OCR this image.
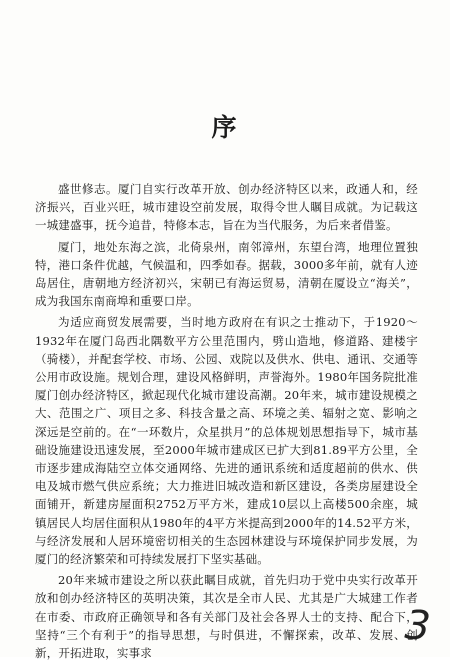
序

盛世修志。厦门自实行改革开放、创办经济特区以来，政通人和，经济振兴，百业兴旺，城市建设空前发展，取得令世人瞩目成就。为记载这一城建盛事，抚今追昔，特修本志，旨在为当代服务，为后来者借鉴。

厦门，地处东海之滨，北倚泉州，南邻漳州，东望台湾，地理位置独特，港口条件优越，气候温和，四季如春。据载，3000多年前，就有人迹岛居住，唐朝地方经济初兴，宋朝已有海运贸易，清朝在厦设立“海关”，成为我国东南商埠和重要口岸。

为适应商贸发展需要，当时地方政府在有识之士推动下，于1920～1932年在厦门岛西北隅数平方公里范围内，劈山造地，修道路、建楼宇（骑楼），并配套学校、市场、公园、戏院以及供水、供电、通讯、交通等公用市政设施。规划合理，建设风格鲜明，声誉海外。1980年国务院批准厦门创办经济特区，掀起现代化城市建设高潮。20年来，城市建设规模之大、范围之广、项目之多、科技含量之高、环境之美、辐射之宽、影响之深远是空前的。在“一环数片，众星拱月”的总体规划思想指导下，城市基础设施建设迅速发展，至2000年城市建成区已扩大到81.89平方公里，全市逐步建成海陆空立体交通网络、先进的通讯系统和适度超前的供水、供电及城市燃气供应系统；大力推进旧城改造和新区建设，各类房屋建设全面铺开，新建房屋面积2752万平方米，建成10层以上高楼500余座，城镇居民人均居住面积从1980年的4平方米提高到2000年的14.52平方米，与经济发展和人居环境密切相关的生态园林建设与环境保护同步发展，为厦门的经济繁荣和可持续发展打下坚实基础。

20年来城市建设之所以获此瞩目成就，首先归功于党中央实行改革开放和创办经济特区的英明决策，其次是全市人民、尤其是广大城建工作者在市委、市政府正确领导和各有关部门及社会各界人士的支持、配合下，坚持“三个有利于”的指导思想，与时俱进，不懈探索，改革、发展、创新，开拓进取，实事求

3
